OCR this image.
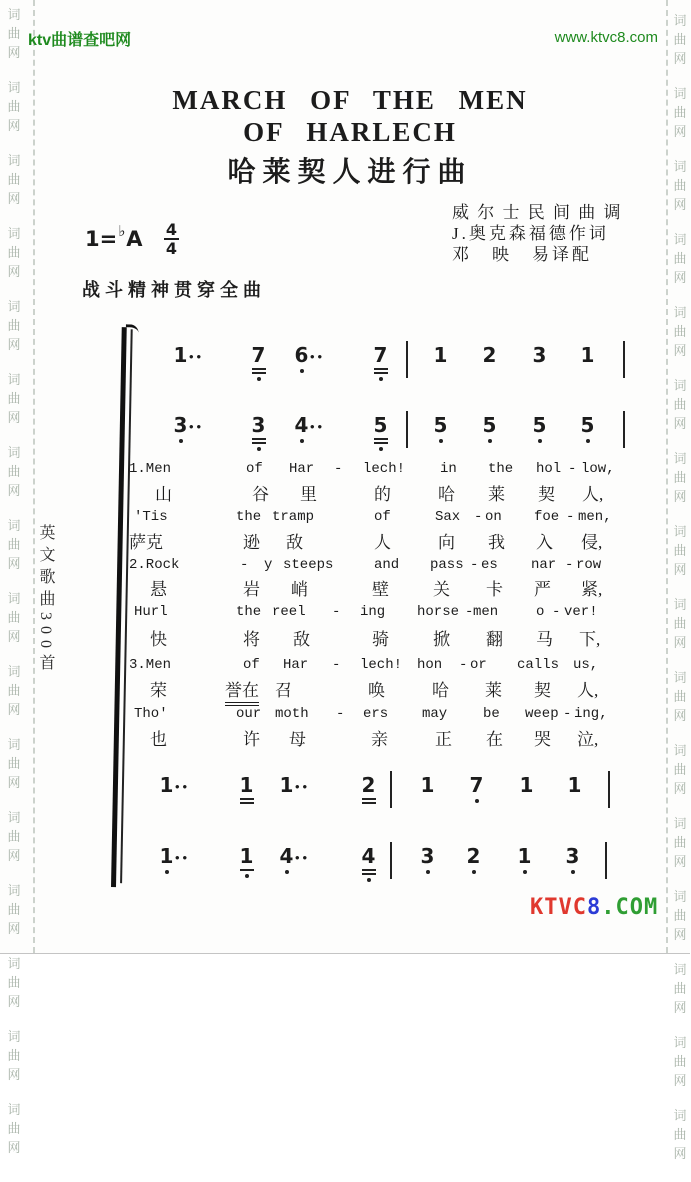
词
曲
网
词
曲
网
词
曲
网
词
曲
网
词
曲
网
词
曲
网
词
曲
网
词
曲
网
词
曲
网
词
曲
网
词
曲
网
词
曲
网
词
曲
网
词
曲
网
词
曲
网
词
曲
网
词
曲
网
词
曲
网
词
曲
网
词
曲
网
词
曲
网
词
曲
网
词
曲
网
词
曲
网
词
曲
网
词
曲
网
词
曲
网
词
曲
网
词
曲
网
词
曲
网
词
曲
网
词
曲
网
ktv曲谱查吧网	www.ktvc8.com
MARCH OF THE MEN
OF HARLECH
哈莱契人进行曲
威 尔 士 民 间 曲 调
J.奥克森福德作词
邓　映　易译配
$1=^♭A \frac{4}{4}$
战斗精神贯穿全曲
英文歌曲300首
1 •• 7 6 •• 7 1 2 3 1
3 •• 3 4 •• 5 5 5 5 5
1 •• 1 1 ••	2 1 7 1 1
1 •• 1 4 ••	4 3 2 1 3
1.Men	of Har - lech! in the hol - low,
山	谷 里	的	哈 莱 契 人,
'Tis	the tramp	of	Sax - on foe - men,
萨克	逊 敌	人	向 我 入 侵,
2.Rock	- y steeps	and pass - es nar - row
悬	岩 峭	壁	关 卡 严 紧,
Hurl	the reel - ing horse - men	o - ver!
快	将 敌	骑	掀 翻 马 下,
3.Men	of Har - lech! hon - or calls us,
荣	誉在 召	唤	哈 莱 契 人,
Tho'	our moth - ers may	be weep - ing,
也	许 母	亲	正 在 哭 泣,
KTVC8.COM
